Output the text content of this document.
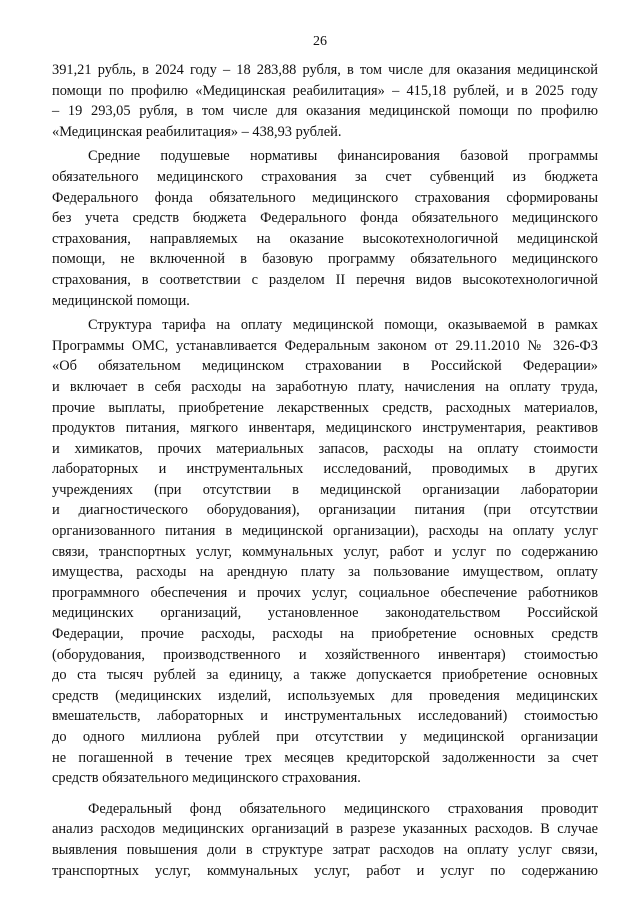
26

391,21 рубль, в 2024 году – 18 283,88 рубля, в том числе для оказания медицинской

помощи по профилю «Медицинская реабилитация» – 415,18 рублей, и в 2025 году

– 19 293,05 рубля, в том числе для оказания медицинской помощи по профилю

«Медицинская реабилитация» – 438,93 рублей.

Средние подушевые нормативы финансирования базовой программы

обязательного медицинского страхования за счет субвенций из бюджета

Федерального фонда обязательного медицинского страхования сформированы

без учета средств бюджета Федерального фонда обязательного медицинского

страхования, направляемых на оказание высокотехнологичной медицинской

помощи, не включенной в базовую программу обязательного медицинского

страхования, в соответствии с разделом II перечня видов высокотехнологичной

медицинской помощи.

Структура тарифа на оплату медицинской помощи, оказываемой в рамках

Программы ОМС, устанавливается Федеральным законом от 29.11.2010 № 326-ФЗ

«Об обязательном медицинском страховании в Российской Федерации»

и включает в себя расходы на заработную плату, начисления на оплату труда,

прочие выплаты, приобретение лекарственных средств, расходных материалов,

продуктов питания, мягкого инвентаря, медицинского инструментария, реактивов

и химикатов, прочих материальных запасов, расходы на оплату стоимости

лабораторных и инструментальных исследований, проводимых в других

учреждениях (при отсутствии в медицинской организации лаборатории

и диагностического оборудования), организации питания (при отсутствии

организованного питания в медицинской организации), расходы на оплату услуг

связи, транспортных услуг, коммунальных услуг, работ и услуг по содержанию

имущества, расходы на арендную плату за пользование имуществом, оплату

программного обеспечения и прочих услуг, социальное обеспечение работников

медицинских организаций, установленное законодательством Российской

Федерации, прочие расходы, расходы на приобретение основных средств

(оборудования, производственного и хозяйственного инвентаря) стоимостью

до ста тысяч рублей за единицу, а также допускается приобретение основных

средств (медицинских изделий, используемых для проведения медицинских

вмешательств, лабораторных и инструментальных исследований) стоимостью

до одного миллиона рублей при отсутствии у медицинской организации

не погашенной в течение трех месяцев кредиторской задолженности за счет

средств обязательного медицинского страхования.

Федеральный фонд обязательного медицинского страхования проводит

анализ расходов медицинских организаций в разрезе указанных расходов. В случае

выявления повышения доли в структуре затрат расходов на оплату услуг связи,

транспортных услуг, коммунальных услуг, работ и услуг по содержанию
